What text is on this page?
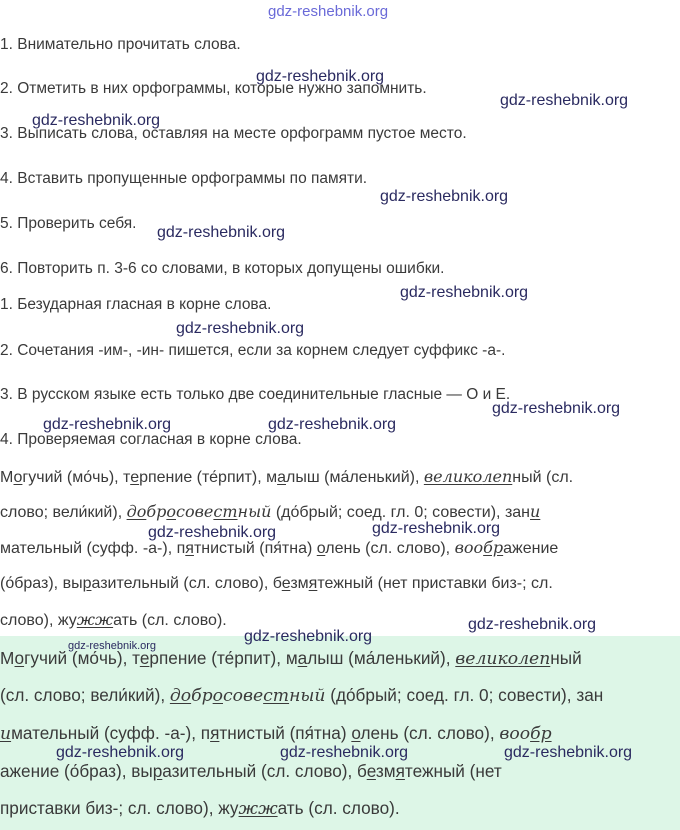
Могучий (мо́чь), терпение (те́рпит), малыш (ма́ленький), великолепный
(сл. слово; вели́кий), добросовестный (до́брый; соед. гл. 0; совести), зан
имательный (суфф. -а-), пятнистый (пя́тна) олень (сл. слово), вообр
ажение (о́браз), выразительный (сл. слово), безмятежный (нет
приставки биз-; сл. слово), жужжать (сл. слово).
1. Внимательно прочитать слова.
2. Отметить в них орфограммы, которые нужно запомнить.
3. Выписать слова, оставляя на месте орфограмм пустое место.
4. Вставить пропущенные орфограммы по памяти.
5. Проверить себя.
6. Повторить п. 3-6 со словами, в которых допущены ошибки.
1. Безударная гласная в корне слова.
2. Сочетания -им-, -ин- пишется, если за корнем следует суффикс -а-.
3. В русском языке есть только две соединительные гласные — О и Е.
4. Проверяемая согласная в корне слова.
Могучий (мо́чь), терпение (те́рпит), малыш (ма́ленький), великолепный (сл.
слово; вели́кий), добросовестный (до́брый; соед. гл. 0; совести), зани
мательный (суфф. -а-), пятнистый (пя́тна) олень (сл. слово), воображение
(о́браз), выразительный (сл. слово), безмятежный (нет приставки биз-; сл.
слово), жужжать (сл. слово).
gdz-reshebnik.org
gdz-reshebnik.org
gdz-reshebnik.org
gdz-reshebnik.org
gdz-reshebnik.org
gdz-reshebnik.org
gdz-reshebnik.org
gdz-reshebnik.org
gdz-reshebnik.org
gdz-reshebnik.org	gdz-reshebnik.org
gdz-reshebnik.org	gdz-reshebnik.org
gdz-reshebnik.org
gdz-reshebnik.org
gdz-reshebnik.org
gdz-reshebnik.org	gdz-reshebnik.org	gdz-reshebnik.org
